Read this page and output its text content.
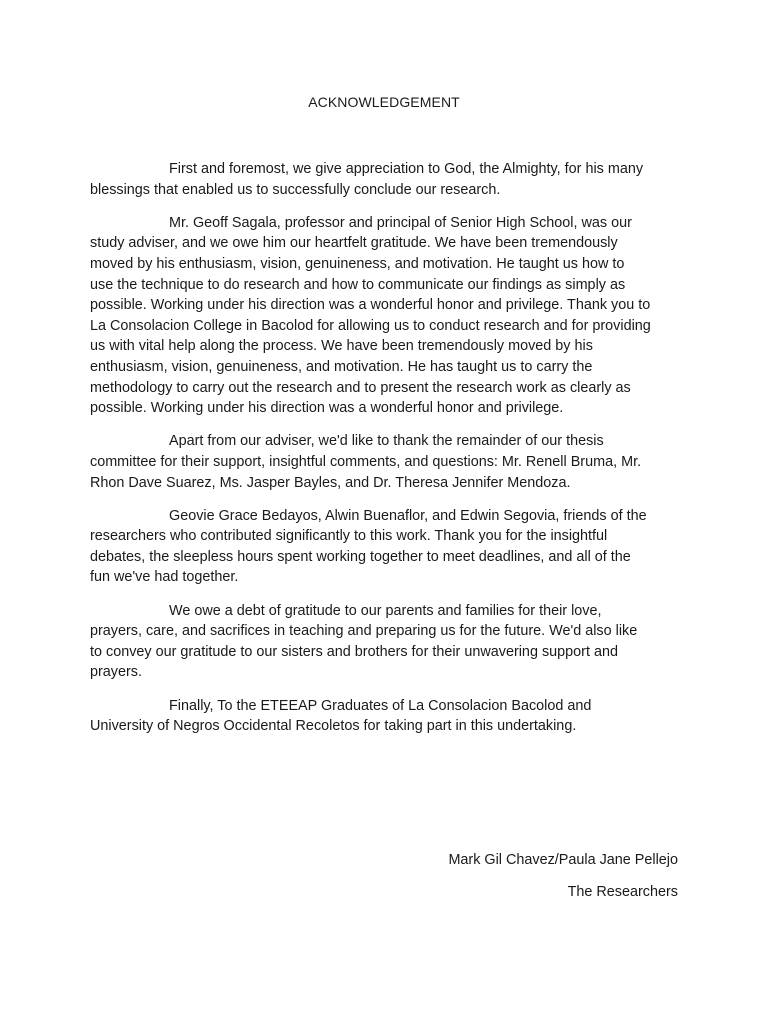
ACKNOWLEDGEMENT

First and foremost, we give appreciation to God, the Almighty, for his many
blessings that enabled us to successfully conclude our research.

Mr. Geoff Sagala, professor and principal of Senior High School, was our
study adviser, and we owe him our heartfelt gratitude. We have been tremendously
moved by his enthusiasm, vision, genuineness, and motivation. He taught us how to
use the technique to do research and how to communicate our findings as simply as
possible. Working under his direction was a wonderful honor and privilege. Thank you to
La Consolacion College in Bacolod for allowing us to conduct research and for providing
us with vital help along the process. We have been tremendously moved by his
enthusiasm, vision, genuineness, and motivation. He has taught us to carry the
methodology to carry out the research and to present the research work as clearly as
possible. Working under his direction was a wonderful honor and privilege.

Apart from our adviser, we'd like to thank the remainder of our thesis
committee for their support, insightful comments, and questions: Mr. Renell Bruma, Mr.
Rhon Dave Suarez, Ms. Jasper Bayles, and Dr. Theresa Jennifer Mendoza.

Geovie Grace Bedayos, Alwin Buenaflor, and Edwin Segovia, friends of the
researchers who contributed significantly to this work. Thank you for the insightful
debates, the sleepless hours spent working together to meet deadlines, and all of the
fun we've had together.

We owe a debt of gratitude to our parents and families for their love,
prayers, care, and sacrifices in teaching and preparing us for the future. We'd also like
to convey our gratitude to our sisters and brothers for their unwavering support and
prayers.

Finally, To the ETEEAP Graduates of La Consolacion Bacolod and
University of Negros Occidental Recoletos for taking part in this undertaking.

Mark Gil Chavez/Paula Jane Pellejo
The Researchers
